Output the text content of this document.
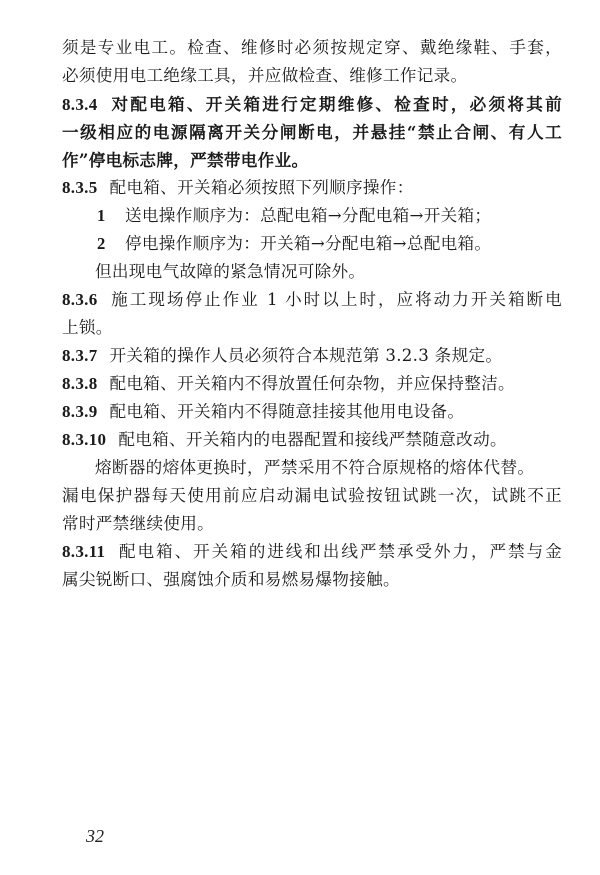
须是专业电工。检查、维修时必须按规定穿、戴绝缘鞋、手套，
必须使用电工绝缘工具，并应做检查、维修工作记录。
8.3.4 对配电箱、开关箱进行定期维修、检查时，必须将其前
一级相应的电源隔离开关分闸断电，并悬挂“禁止合闸、有人工
作”停电标志牌，严禁带电作业。
8.3.5 配电箱、开关箱必须按照下列顺序操作：
1 送电操作顺序为：总配电箱→分配电箱→开关箱；
2 停电操作顺序为：开关箱→分配电箱→总配电箱。
但出现电气故障的紧急情况可除外。
8.3.6 施工现场停止作业 1 小时以上时，应将动力开关箱断电
上锁。
8.3.7 开关箱的操作人员必须符合本规范第 3.2.3 条规定。
8.3.8 配电箱、开关箱内不得放置任何杂物，并应保持整洁。
8.3.9 配电箱、开关箱内不得随意挂接其他用电设备。
8.3.10 配电箱、开关箱内的电器配置和接线严禁随意改动。
熔断器的熔体更换时，严禁采用不符合原规格的熔体代替。
漏电保护器每天使用前应启动漏电试验按钮试跳一次，试跳不正
常时严禁继续使用。
8.3.11 配电箱、开关箱的进线和出线严禁承受外力，严禁与金
属尖锐断口、强腐蚀介质和易燃易爆物接触。
32
